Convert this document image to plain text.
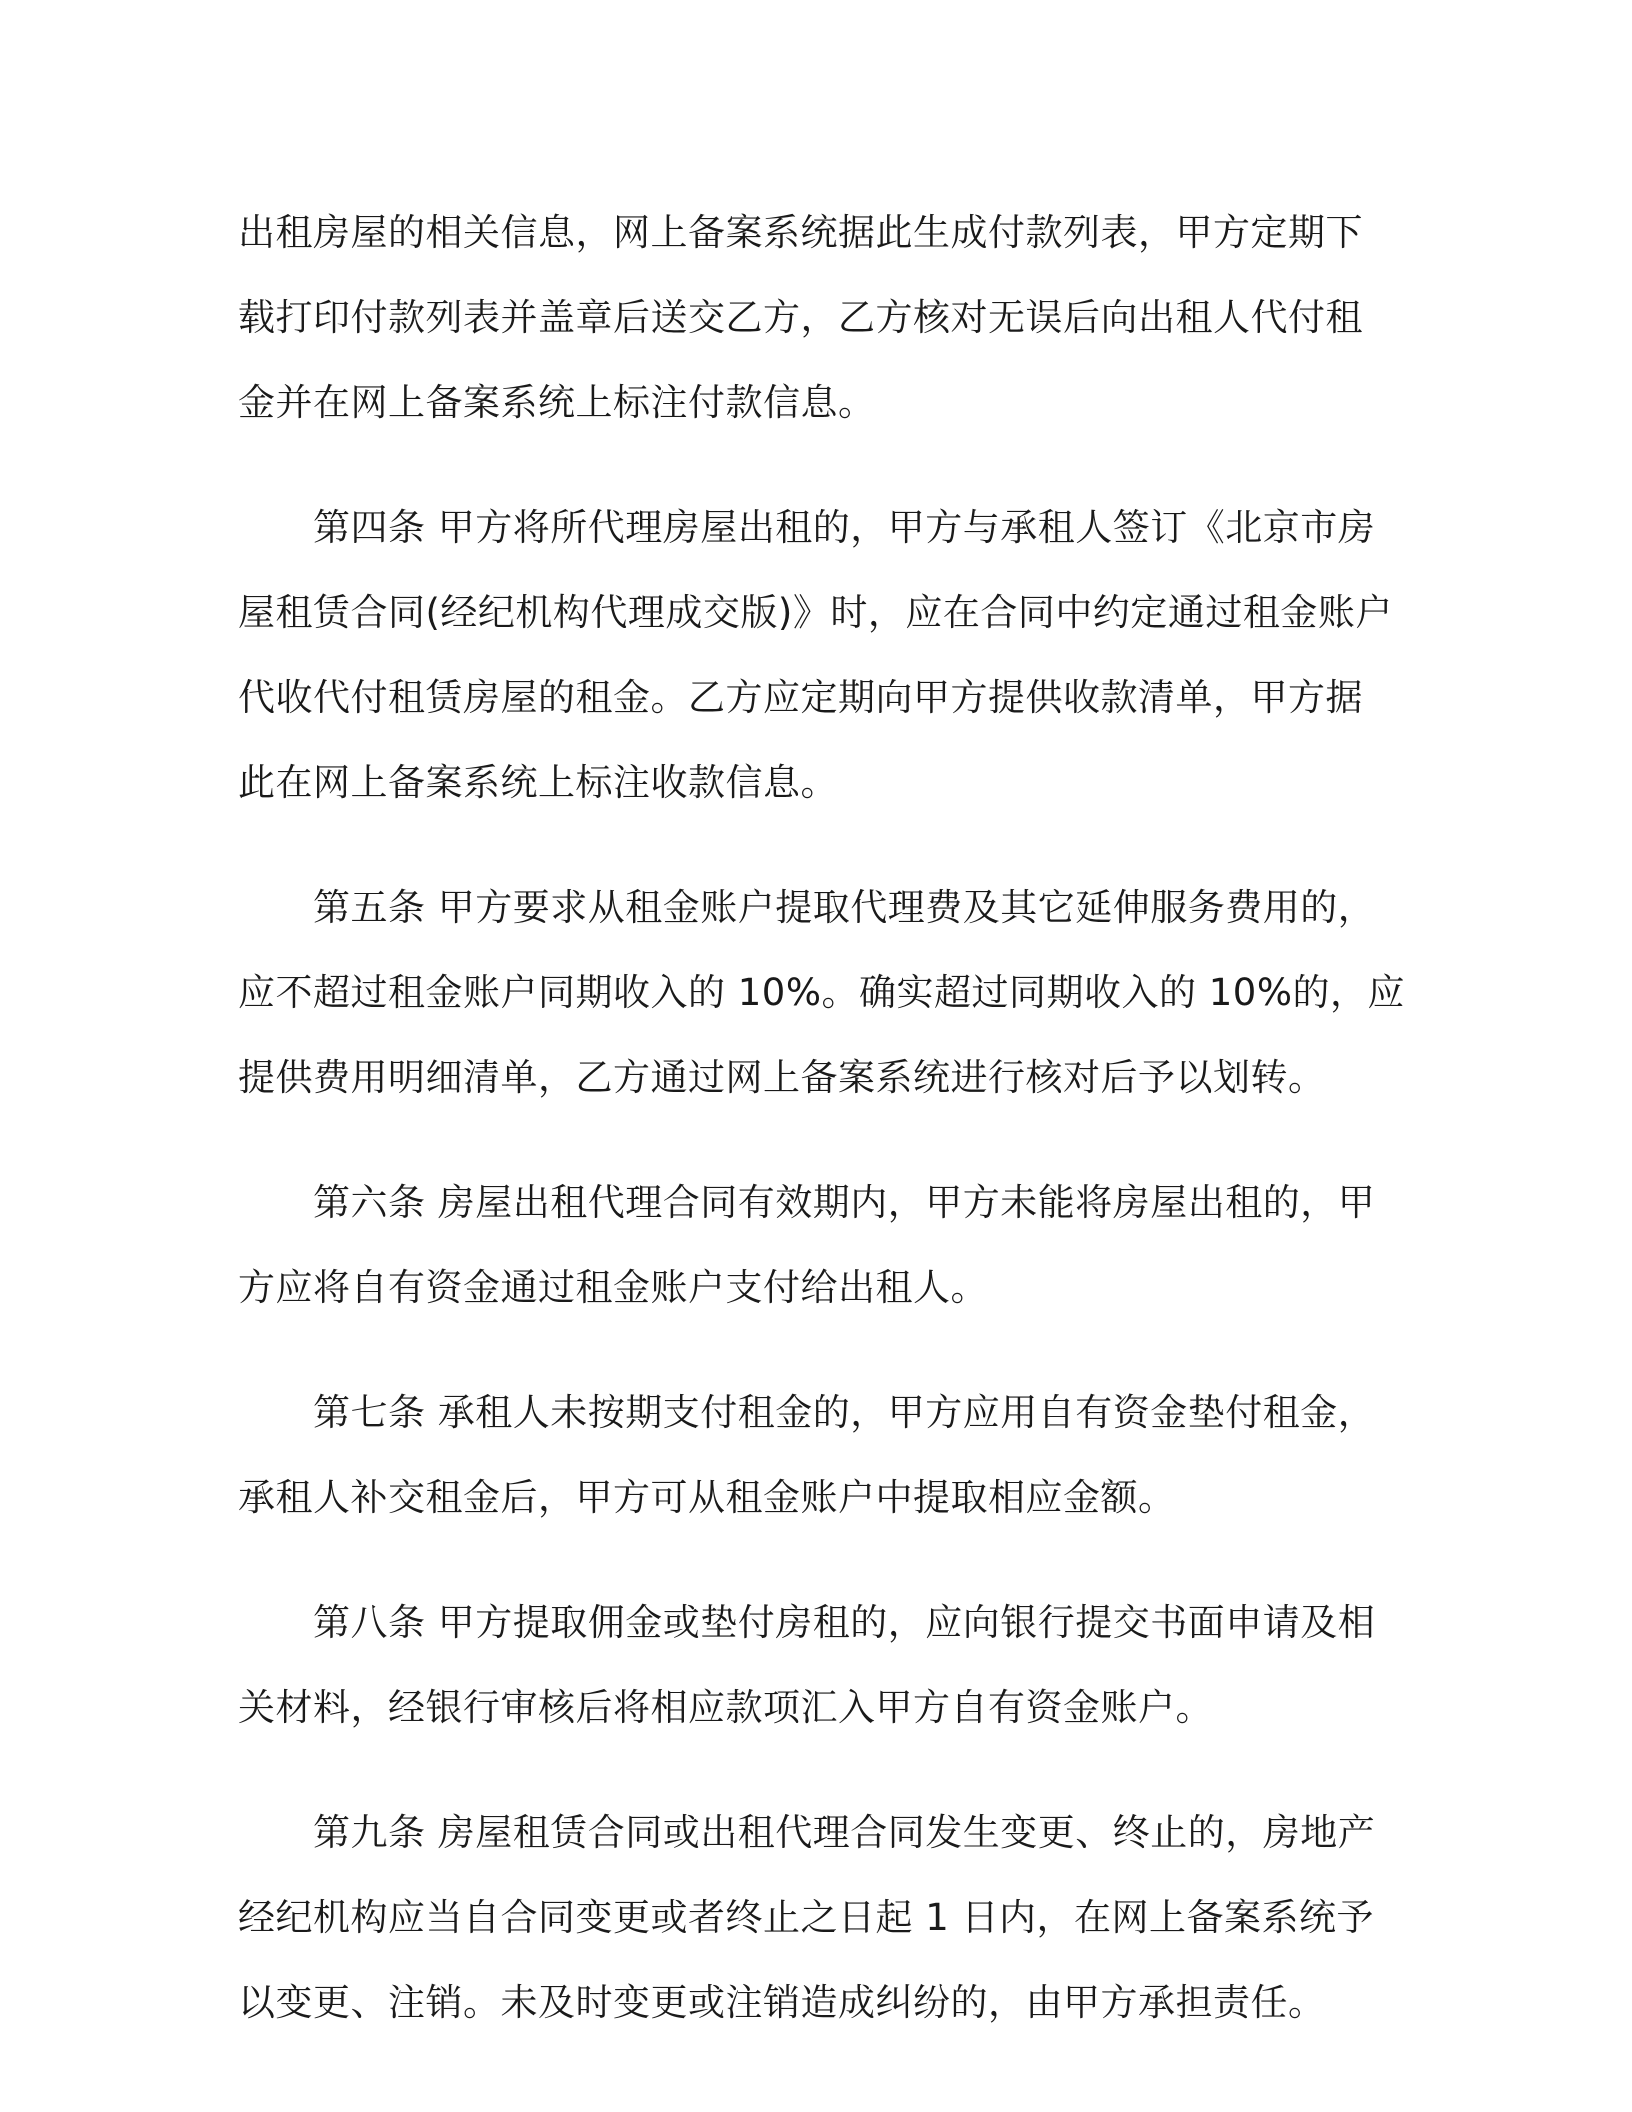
出租房屋的相关信息，网上备案系统据此生成付款列表，甲方定期下
载打印付款列表并盖章后送交乙方，乙方核对无误后向出租人代付租
金并在网上备案系统上标注付款信息。

　　第四条 甲方将所代理房屋出租的，甲方与承租人签订《北京市房
屋租赁合同(经纪机构代理成交版)》时，应在合同中约定通过租金账户
代收代付租赁房屋的租金。乙方应定期向甲方提供收款清单，甲方据
此在网上备案系统上标注收款信息。

　　第五条 甲方要求从租金账户提取代理费及其它延伸服务费用的，
应不超过租金账户同期收入的 10%。确实超过同期收入的 10%的，应
提供费用明细清单，乙方通过网上备案系统进行核对后予以划转。

　　第六条 房屋出租代理合同有效期内，甲方未能将房屋出租的，甲
方应将自有资金通过租金账户支付给出租人。

　　第七条 承租人未按期支付租金的，甲方应用自有资金垫付租金，
承租人补交租金后，甲方可从租金账户中提取相应金额。

　　第八条 甲方提取佣金或垫付房租的，应向银行提交书面申请及相
关材料，经银行审核后将相应款项汇入甲方自有资金账户。

　　第九条 房屋租赁合同或出租代理合同发生变更、终止的，房地产
经纪机构应当自合同变更或者终止之日起 1 日内，在网上备案系统予
以变更、注销。未及时变更或注销造成纠纷的，由甲方承担责任。
